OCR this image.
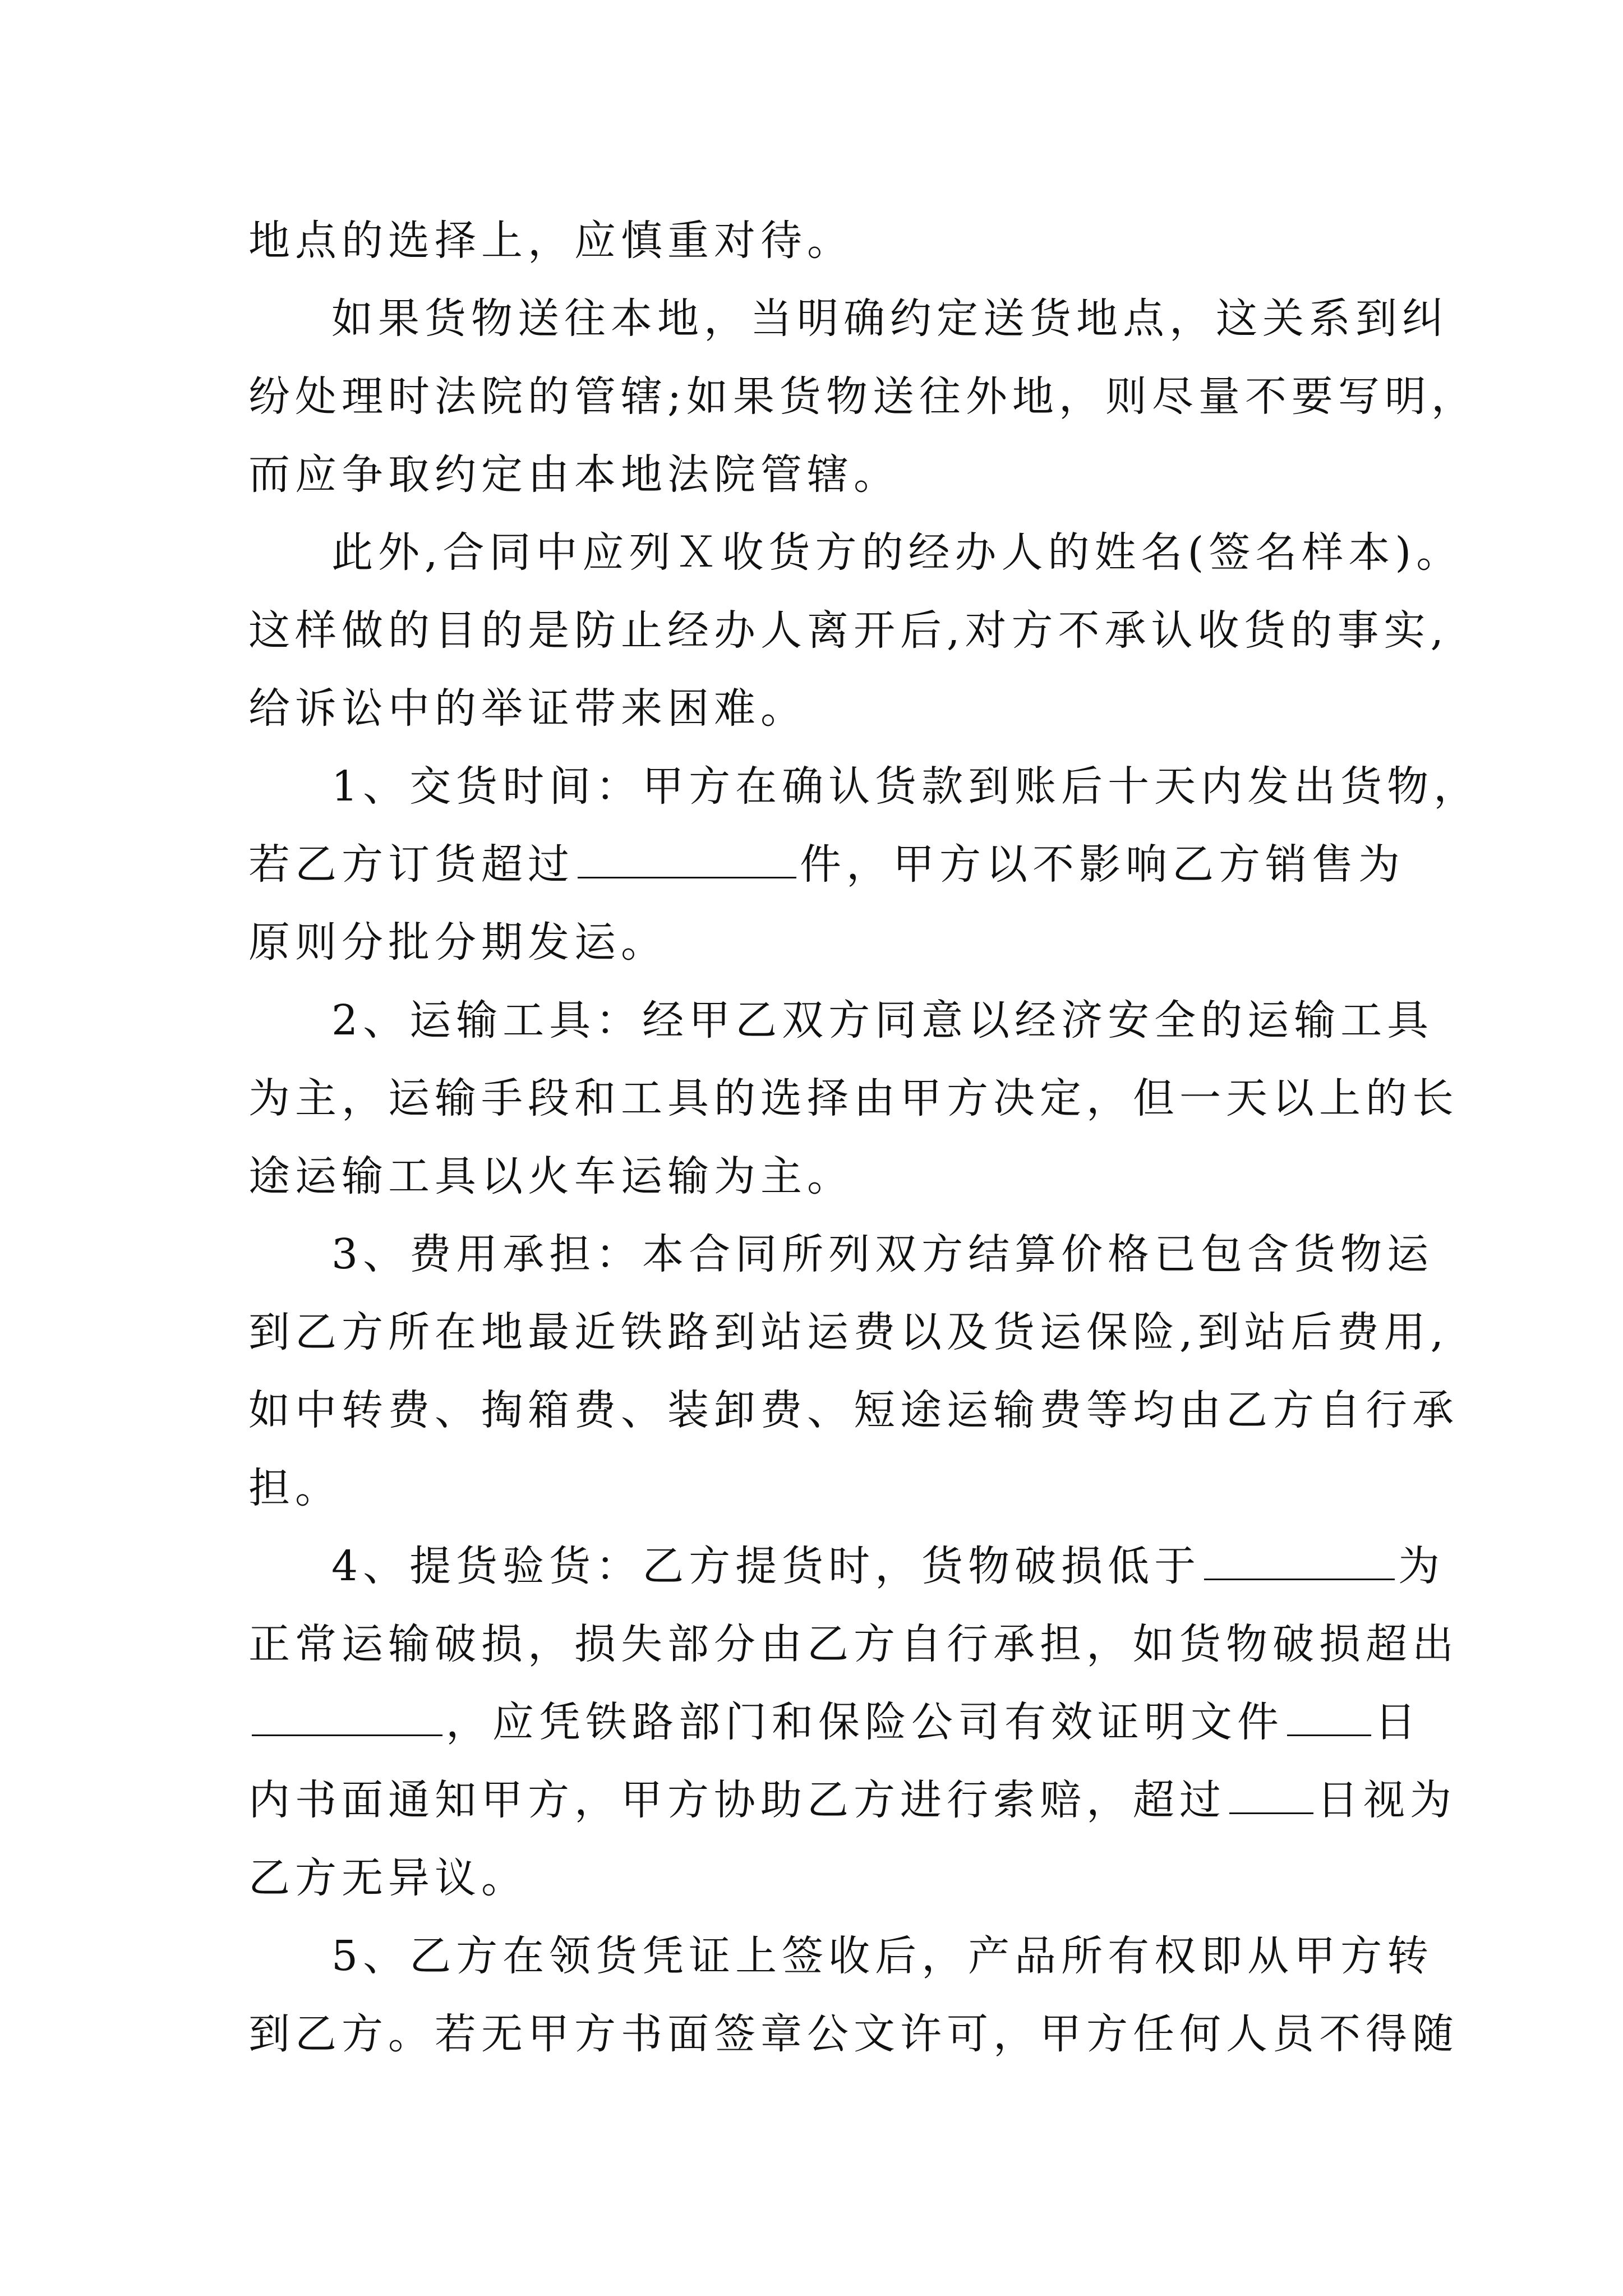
地点的选择上，应慎重对待。
如果货物送往本地，当明确约定送货地点，这关系到纠
纷处理时法院的管辖;如果货物送往外地，则尽量不要写明，
而应争取约定由本地法院管辖。
此外,合同中应列Ｘ收货方的经办人的姓名(签名样本)。
这样做的目的是防止经办人离开后,对方不承认收货的事实,
给诉讼中的举证带来困难。
1、交货时间：甲方在确认货款到账后十天内发出货物，
若乙方订货超过	件，甲方以不影响乙方销售为
原则分批分期发运。
2、运输工具：经甲乙双方同意以经济安全的运输工具
为主，运输手段和工具的选择由甲方决定，但一天以上的长
途运输工具以火车运输为主。
3、费用承担：本合同所列双方结算价格已包含货物运
到乙方所在地最近铁路到站运费以及货运保险,到站后费用,
如中转费、掏箱费、装卸费、短途运输费等均由乙方自行承
担。
4、提货验货：乙方提货时，货物破损低于	为
正常运输破损，损失部分由乙方自行承担，如货物破损超出
，应凭铁路部门和保险公司有效证明文件 日
内书面通知甲方，甲方协助乙方进行索赔，超过 日视为
乙方无异议。
5、乙方在领货凭证上签收后，产品所有权即从甲方转
到乙方。若无甲方书面签章公文许可，甲方任何人员不得随
